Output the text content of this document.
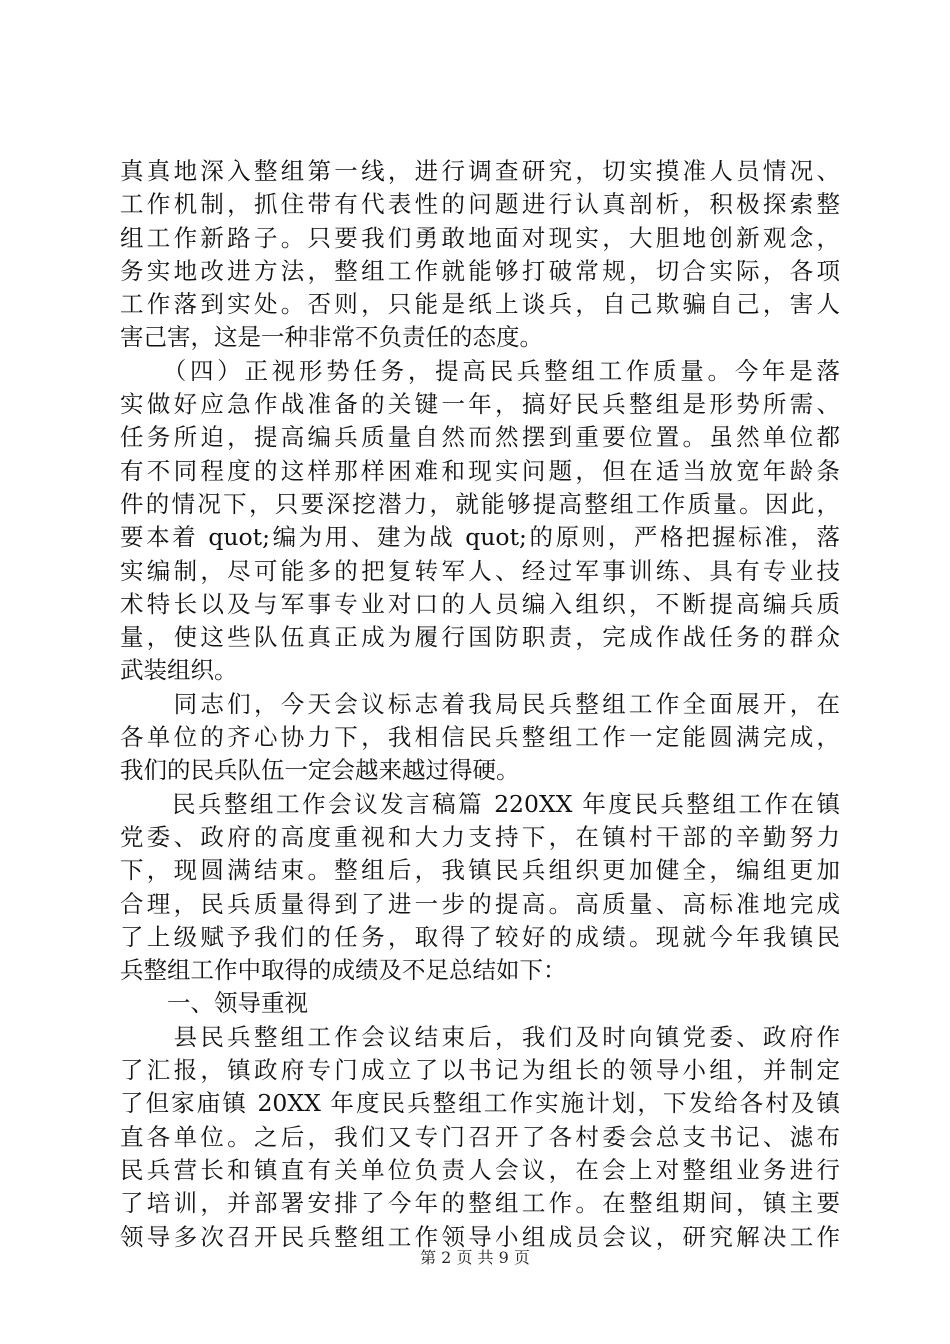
真真地深入整组第一线，进行调查研究，切实摸准人员情况、
工作机制，抓住带有代表性的问题进行认真剖析，积极探索整
组工作新路子。只要我们勇敢地面对现实，大胆地创新观念，
务实地改进方法，整组工作就能够打破常规，切合实际，各项
工作落到实处。否则，只能是纸上谈兵，自己欺骗自己，害人
害己害，这是一种非常不负责任的态度。
　　（四）正视形势任务，提高民兵整组工作质量。今年是落
实做好应急作战准备的关键一年，搞好民兵整组是形势所需、
任务所迫，提高编兵质量自然而然摆到重要位置。虽然单位都
有不同程度的这样那样困难和现实问题，但在适当放宽年龄条
件的情况下，只要深挖潜力，就能够提高整组工作质量。因此，
要本着 quot;编为用、建为战 quot;的原则，严格把握标准，落
实编制，尽可能多的把复转军人、经过军事训练、具有专业技
术特长以及与军事专业对口的人员编入组织，不断提高编兵质
量，使这些队伍真正成为履行国防职责，完成作战任务的群众
武装组织。
　　同志们，今天会议标志着我局民兵整组工作全面展开，在
各单位的齐心协力下，我相信民兵整组工作一定能圆满完成，
我们的民兵队伍一定会越来越过得硬。
　　民兵整组工作会议发言稿篇 220XX 年度民兵整组工作在镇
党委、政府的高度重视和大力支持下，在镇村干部的辛勤努力
下，现圆满结束。整组后，我镇民兵组织更加健全，编组更加
合理，民兵质量得到了进一步的提高。高质量、高标准地完成
了上级赋予我们的任务，取得了较好的成绩。现就今年我镇民
兵整组工作中取得的成绩及不足总结如下：
　　一、领导重视
　　县民兵整组工作会议结束后，我们及时向镇党委、政府作
了汇报，镇政府专门成立了以书记为组长的领导小组，并制定
了但家庙镇 20XX 年度民兵整组工作实施计划，下发给各村及镇
直各单位。之后，我们又专门召开了各村委会总支书记、滤布
民兵营长和镇直有关单位负责人会议，在会上对整组业务进行
了培训，并部署安排了今年的整组工作。在整组期间，镇主要
领导多次召开民兵整组工作领导小组成员会议，研究解决工作
第 2 页 共 9 页
